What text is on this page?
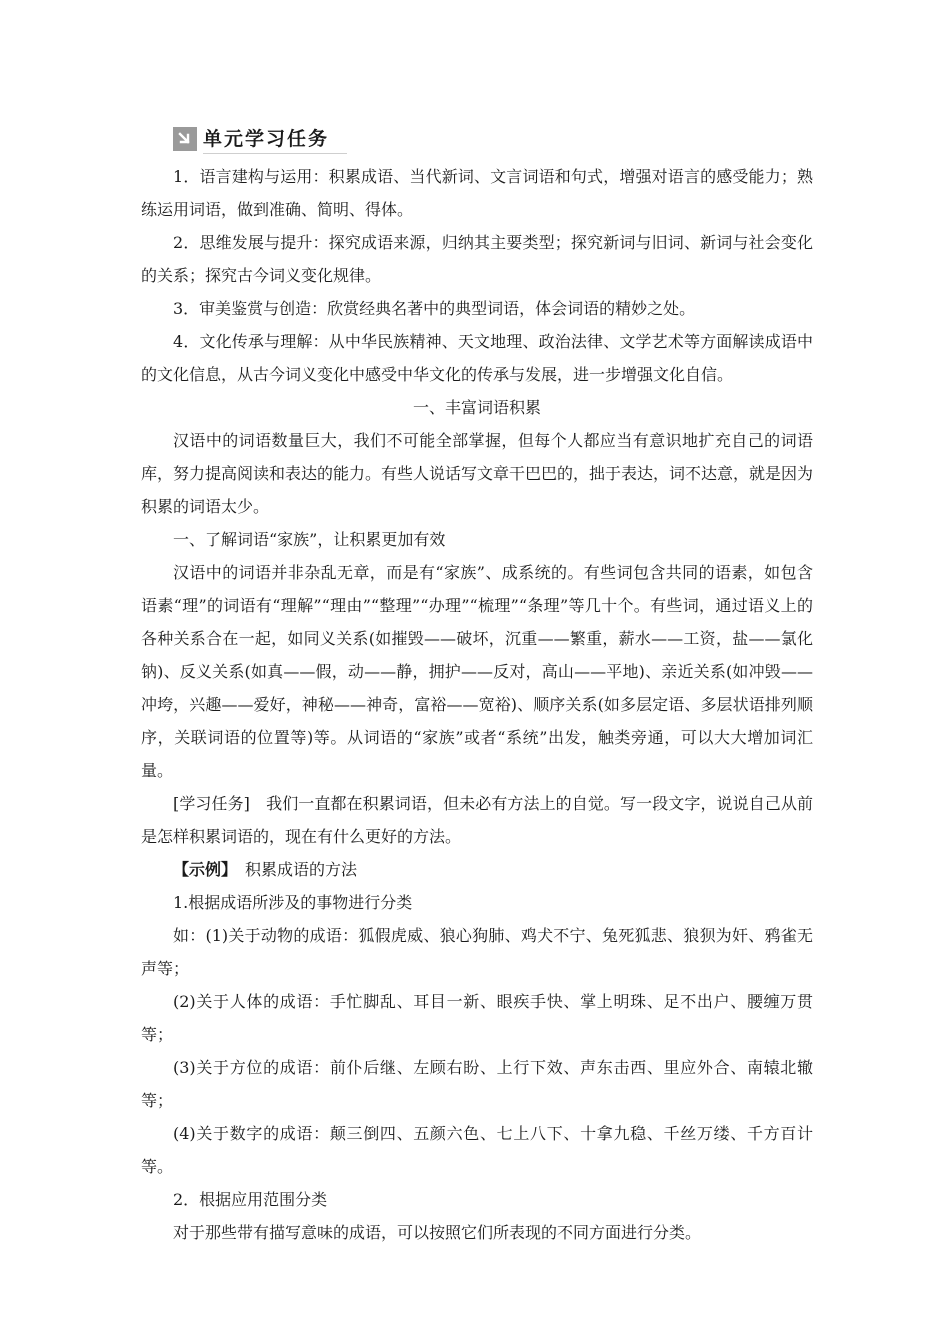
单元学习任务

1．语言建构与运用：积累成语、当代新词、文言词语和句式，增强对语言的感受能力；熟练运用词语，做到准确、简明、得体。

2．思维发展与提升：探究成语来源，归纳其主要类型；探究新词与旧词、新词与社会变化的关系；探究古今词义变化规律。

3．审美鉴赏与创造：欣赏经典名著中的典型词语，体会词语的精妙之处。

4．文化传承与理解：从中华民族精神、天文地理、政治法律、文学艺术等方面解读成语中的文化信息，从古今词义变化中感受中华文化的传承与发展，进一步增强文化自信。

一、丰富词语积累

汉语中的词语数量巨大，我们不可能全部掌握，但每个人都应当有意识地扩充自己的词语库，努力提高阅读和表达的能力。有些人说话写文章干巴巴的，拙于表达，词不达意，就是因为积累的词语太少。

一、了解词语“家族”，让积累更加有效

汉语中的词语并非杂乱无章，而是有“家族”、成系统的。有些词包含共同的语素，如包含语素“理”的词语有“理解”“理由”“整理”“办理”“梳理”“条理”等几十个。有些词，通过语义上的各种关系合在一起，如同义关系(如摧毁——破坏，沉重——繁重，薪水——工资，盐——氯化钠)、反义关系(如真——假，动——静，拥护——反对，高山——平地)、亲近关系(如冲毁——冲垮，兴趣——爱好，神秘——神奇，富裕——宽裕)、顺序关系(如多层定语、多层状语排列顺序，关联词语的位置等)等。从词语的“家族”或者“系统”出发，触类旁通，可以大大增加词汇量。

[学习任务]　 我们一直都在积累词语，但未必有方法上的自觉。写一段文字，说说自己从前是怎样积累词语的，现在有什么更好的方法。

【示例】　 积累成语的方法

1.根据成语所涉及的事物进行分类

如：(1)关于动物的成语：狐假虎威、狼心狗肺、鸡犬不宁、兔死狐悲、狼狈为奸、鸦雀无声等；

(2)关于人体的成语：手忙脚乱、耳目一新、眼疾手快、掌上明珠、足不出户、腰缠万贯等；

(3)关于方位的成语：前仆后继、左顾右盼、上行下效、声东击西、里应外合、南辕北辙等；

(4)关于数字的成语：颠三倒四、五颜六色、七上八下、十拿九稳、千丝万缕、千方百计等。

2．根据应用范围分类

对于那些带有描写意味的成语，可以按照它们所表现的不同方面进行分类。
